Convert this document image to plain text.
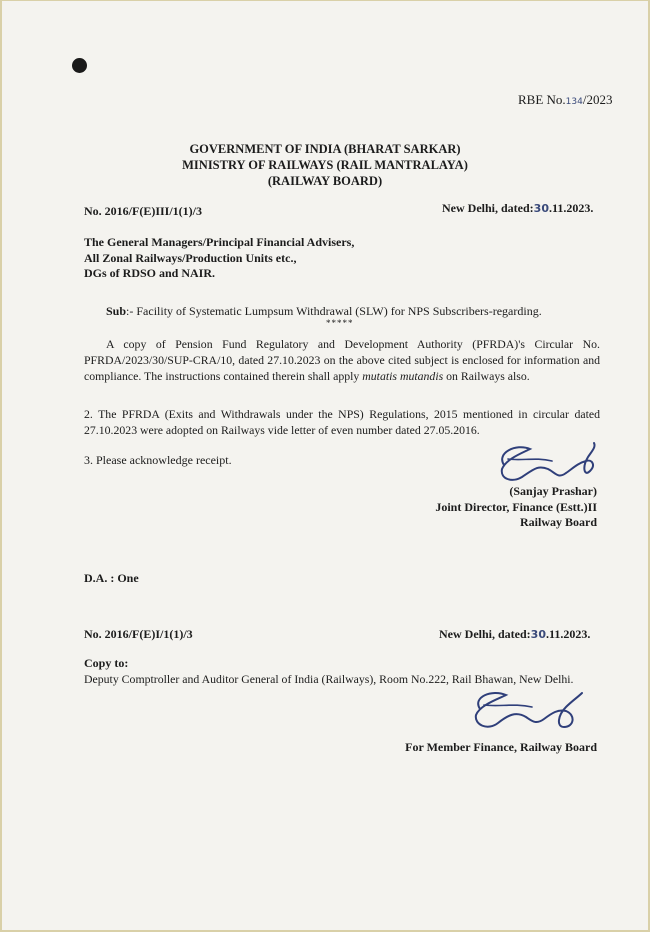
RBE No.134/2023
GOVERNMENT OF INDIA (BHARAT SARKAR)
MINISTRY OF RAILWAYS (RAIL MANTRALAYA)
(RAILWAY BOARD)
No. 2016/F(E)III/1(1)/3	New Delhi, dated:30.11.2023.
The General Managers/Principal Financial Advisers,
All Zonal Railways/Production Units etc.,
DGs of RDSO and NAIR.
Sub:- Facility of Systematic Lumpsum Withdrawal (SLW) for NPS Subscribers-regarding.
*****
A copy of Pension Fund Regulatory and Development Authority (PFRDA)'s Circular No. PFRDA/2023/30/SUP-CRA/10, dated 27.10.2023 on the above cited subject is enclosed for information and compliance. The instructions contained therein shall apply mutatis mutandis on Railways also.
2. The PFRDA (Exits and Withdrawals under the NPS) Regulations, 2015 mentioned in circular dated 27.10.2023 were adopted on Railways vide letter of even number dated 27.05.2016.
3. Please acknowledge receipt.
(Sanjay Prashar)
Joint Director, Finance (Estt.)II
Railway Board
D.A. : One
No. 2016/F(E)I/1(1)/3	New Delhi, dated:30.11.2023.
Copy to:
Deputy Comptroller and Auditor General of India (Railways), Room No.222, Rail Bhawan, New Delhi.
For Member Finance, Railway Board
